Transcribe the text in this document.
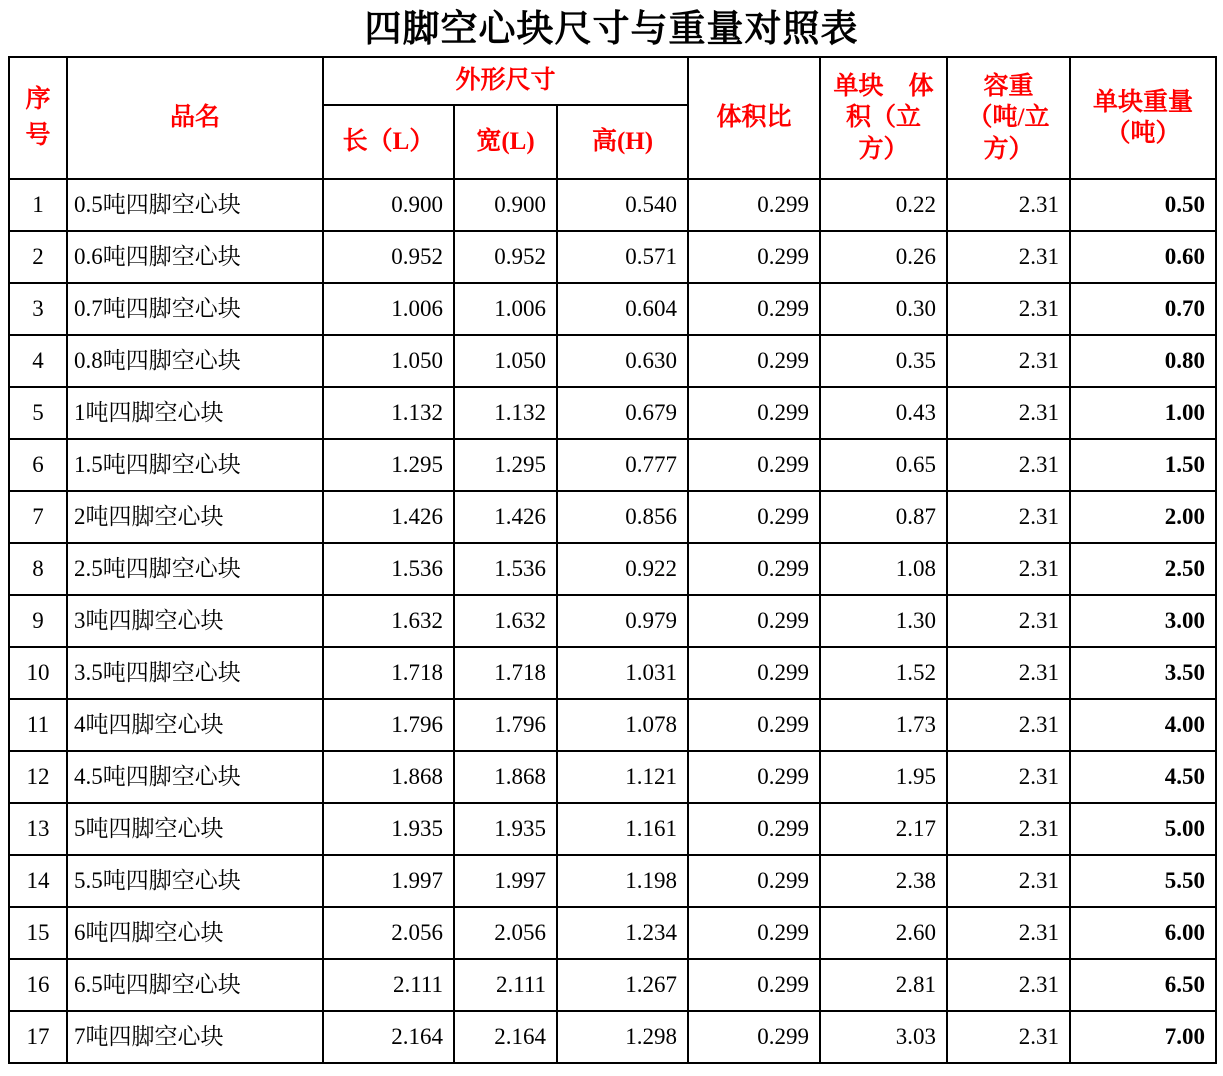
四脚空心块尺寸与重量对照表
序号	品名	外形尺寸			体积比	单块　体积（立方）	容重（吨/立方）	单块重量（吨）
		长（L）	宽(L)	高(H)				
1	0.5吨四脚空心块	0.900	0.900	0.540	0.299	0.22	2.31	0.50
2	0.6吨四脚空心块	0.952	0.952	0.571	0.299	0.26	2.31	0.60
3	0.7吨四脚空心块	1.006	1.006	0.604	0.299	0.30	2.31	0.70
4	0.8吨四脚空心块	1.050	1.050	0.630	0.299	0.35	2.31	0.80
5	1吨四脚空心块	1.132	1.132	0.679	0.299	0.43	2.31	1.00
6	1.5吨四脚空心块	1.295	1.295	0.777	0.299	0.65	2.31	1.50
7	2吨四脚空心块	1.426	1.426	0.856	0.299	0.87	2.31	2.00
8	2.5吨四脚空心块	1.536	1.536	0.922	0.299	1.08	2.31	2.50
9	3吨四脚空心块	1.632	1.632	0.979	0.299	1.30	2.31	3.00
10	3.5吨四脚空心块	1.718	1.718	1.031	0.299	1.52	2.31	3.50
11	4吨四脚空心块	1.796	1.796	1.078	0.299	1.73	2.31	4.00
12	4.5吨四脚空心块	1.868	1.868	1.121	0.299	1.95	2.31	4.50
13	5吨四脚空心块	1.935	1.935	1.161	0.299	2.17	2.31	5.00
14	5.5吨四脚空心块	1.997	1.997	1.198	0.299	2.38	2.31	5.50
15	6吨四脚空心块	2.056	2.056	1.234	0.299	2.60	2.31	6.00
16	6.5吨四脚空心块	2.111	2.111	1.267	0.299	2.81	2.31	6.50
17	7吨四脚空心块	2.164	2.164	1.298	0.299	3.03	2.31	7.00
